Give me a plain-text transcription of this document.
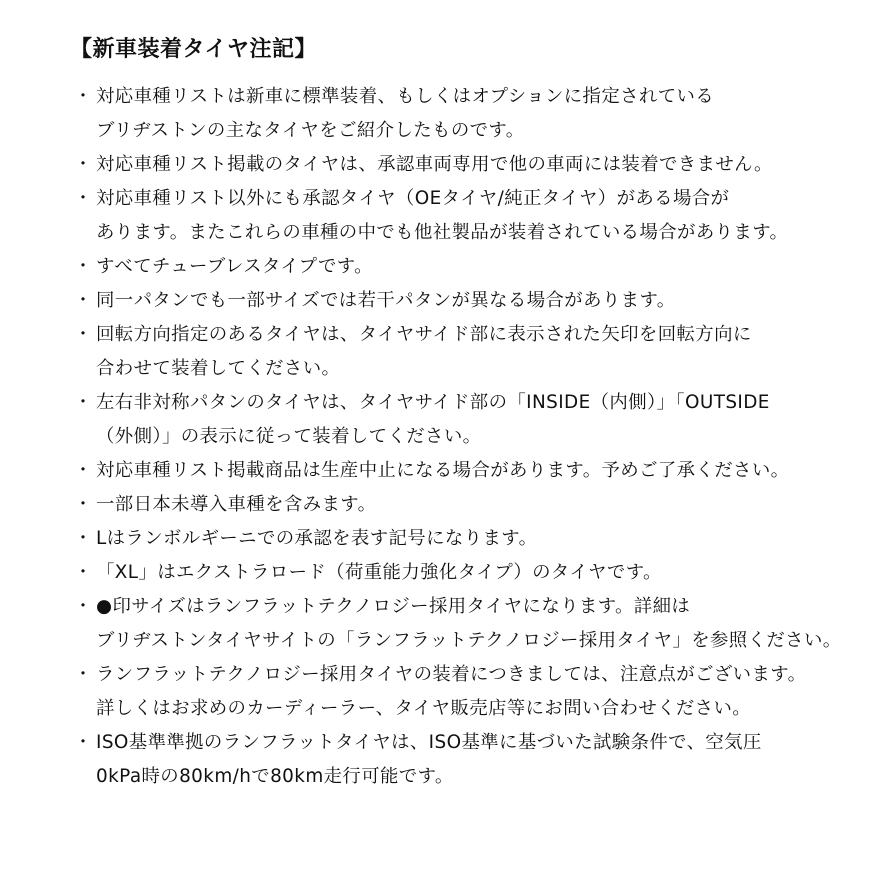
【新車装着タイヤ注記】
・ 対応車種リストは新車に標準装着、もしくはオプションに指定されている
ブリヂストンの主なタイヤをご紹介したものです。
・ 対応車種リスト掲載のタイヤは、承認車両専用で他の車両には装着できません。
・ 対応車種リスト以外にも承認タイヤ（OEタイヤ/純正タイヤ）がある場合が
あります。またこれらの車種の中でも他社製品が装着されている場合があります。
・ すべてチューブレスタイプです。
・ 同一パタンでも一部サイズでは若干パタンが異なる場合があります。
・ 回転方向指定のあるタイヤは、タイヤサイド部に表示された矢印を回転方向に
合わせて装着してください。
・ 左右非対称パタンのタイヤは、タイヤサイド部の「INSIDE（内側）」「OUTSIDE
（外側）」の表示に従って装着してください。
・ 対応車種リスト掲載商品は生産中止になる場合があります。予めご了承ください。
・ 一部日本未導入車種を含みます。
・ Lはランボルギーニでの承認を表す記号になります。
・ 「XL」はエクストラロード（荷重能力強化タイプ）のタイヤです。
・ ●印サイズはランフラットテクノロジー採用タイヤになります。詳細は
ブリヂストンタイヤサイトの「ランフラットテクノロジー採用タイヤ」を参照ください。
・ ランフラットテクノロジー採用タイヤの装着につきましては、注意点がございます。
詳しくはお求めのカーディーラー、タイヤ販売店等にお問い合わせください。
・ ISO基準準拠のランフラットタイヤは、ISO基準に基づいた試験条件で、空気圧
0kPa時の80km/hで80km走行可能です。
